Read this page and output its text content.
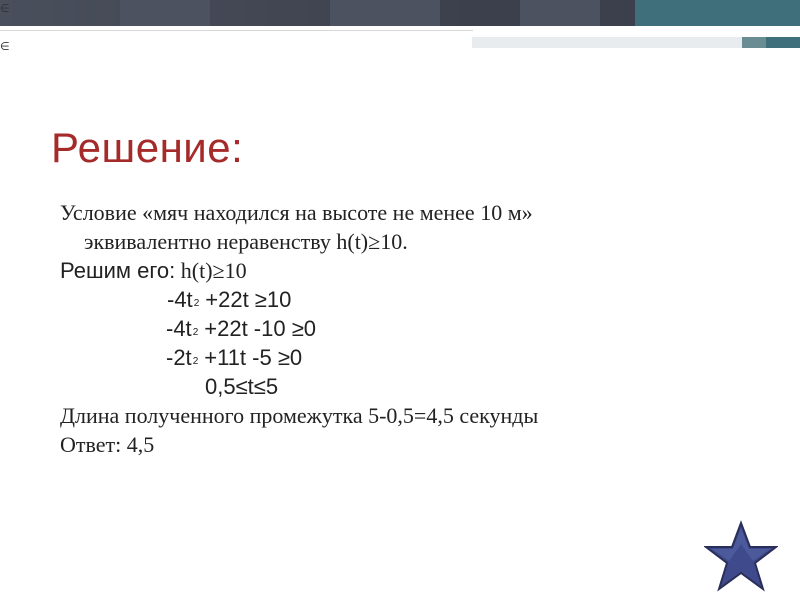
∈
∈
Решение:
Условие «мяч находился на высоте не менее 10 м»
эквивалентно неравенству h(t)≥10.
Решим его: h(t)≥10
$-4t^2 +22t \ge 10$
$-4t^2 +22t$ -10 ≥0
$-2t^2 +11t$ -5 ≥0
0,5≤t≤5
Длина полученного промежутка 5-0,5=4,5 секунды
Ответ: 4,5
